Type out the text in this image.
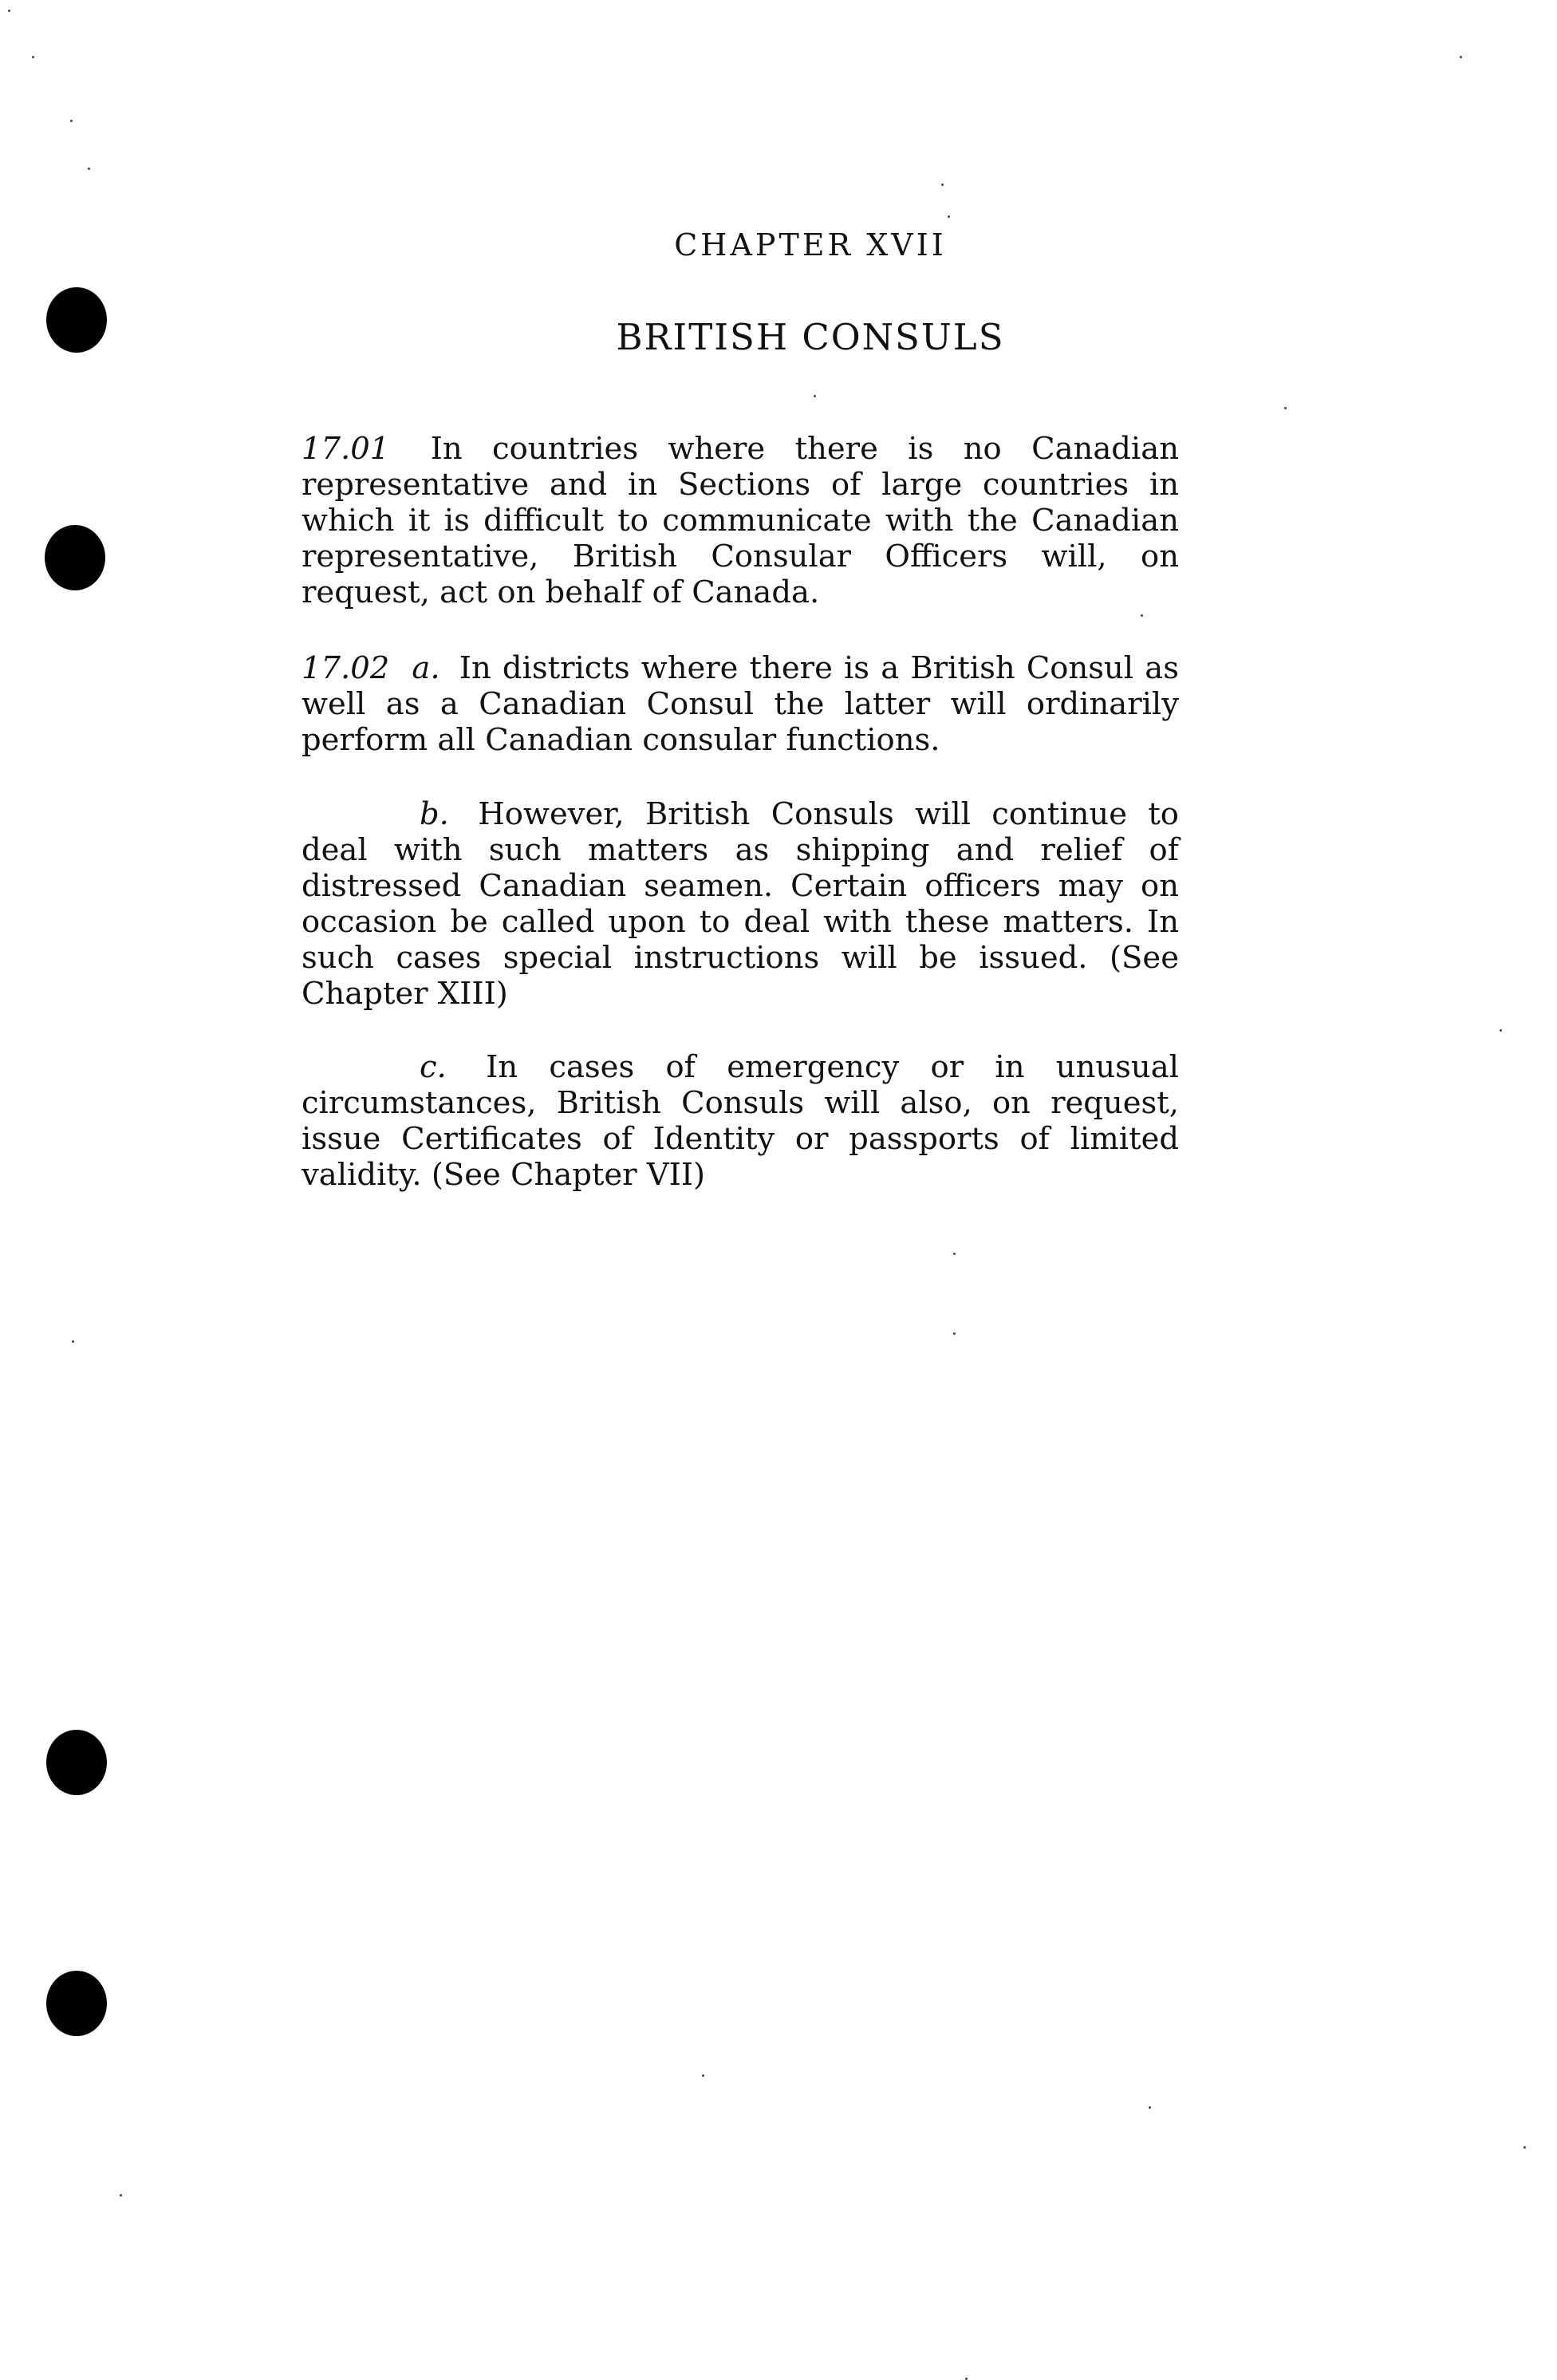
CHAPTER XVII
BRITISH CONSULS
17.01 In countries where there is no Canadian representative and in Sections of large countries in which it is difficult to communicate with the Canadian representative, British Consular Officers will, on request, act on behalf of Canada.
17.02 a. In districts where there is a British Consul as well as a Canadian Consul the latter will ordinarily perform all Canadian consular functions.
b. However, British Consuls will continue to deal with such matters as shipping and relief of distressed Canadian seamen. Certain officers may on occasion be called upon to deal with these matters. In such cases special instructions will be issued. (See Chapter XIII)
c. In cases of emergency or in unusual circumstances, British Consuls will also, on request, issue Certificates of Identity or passports of limited validity. (See Chapter VII)
